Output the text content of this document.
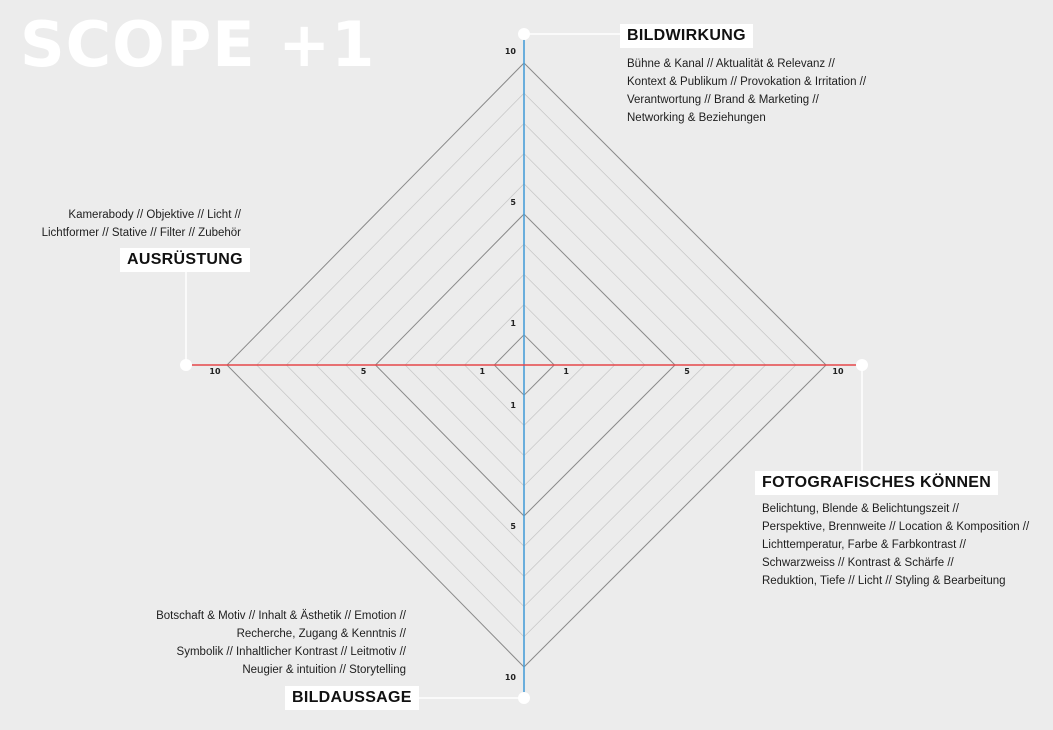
1
1
1	1
5
5
5	5
10
10
10	10
SCOPE +1	BILDWIRKUNG
Bühne & Kanal // Aktualität & Relevanz //
Kontext & Publikum // Provokation & Irritation //
Verantwortung // Brand & Marketing //
Networking & Beziehungen
Kamerabody // Objektive // Licht //
Lichtformer // Stative // Filter // Zubehör
AUSRÜSTUNG
FOTOGRAFISCHES KÖNNEN
Belichtung, Blende & Belichtungszeit //
Perspektive, Brennweite // Location & Komposition //
Lichttemperatur, Farbe & Farbkontrast //
Schwarzweiss // Kontrast & Schärfe //
Reduktion, Tiefe // Licht // Styling & Bearbeitung
Botschaft & Motiv // Inhalt & Ästhetik // Emotion //
Recherche, Zugang & Kenntnis //
Symbolik // Inhaltlicher Kontrast // Leitmotiv //
Neugier & intuition // Storytelling
BILDAUSSAGE
